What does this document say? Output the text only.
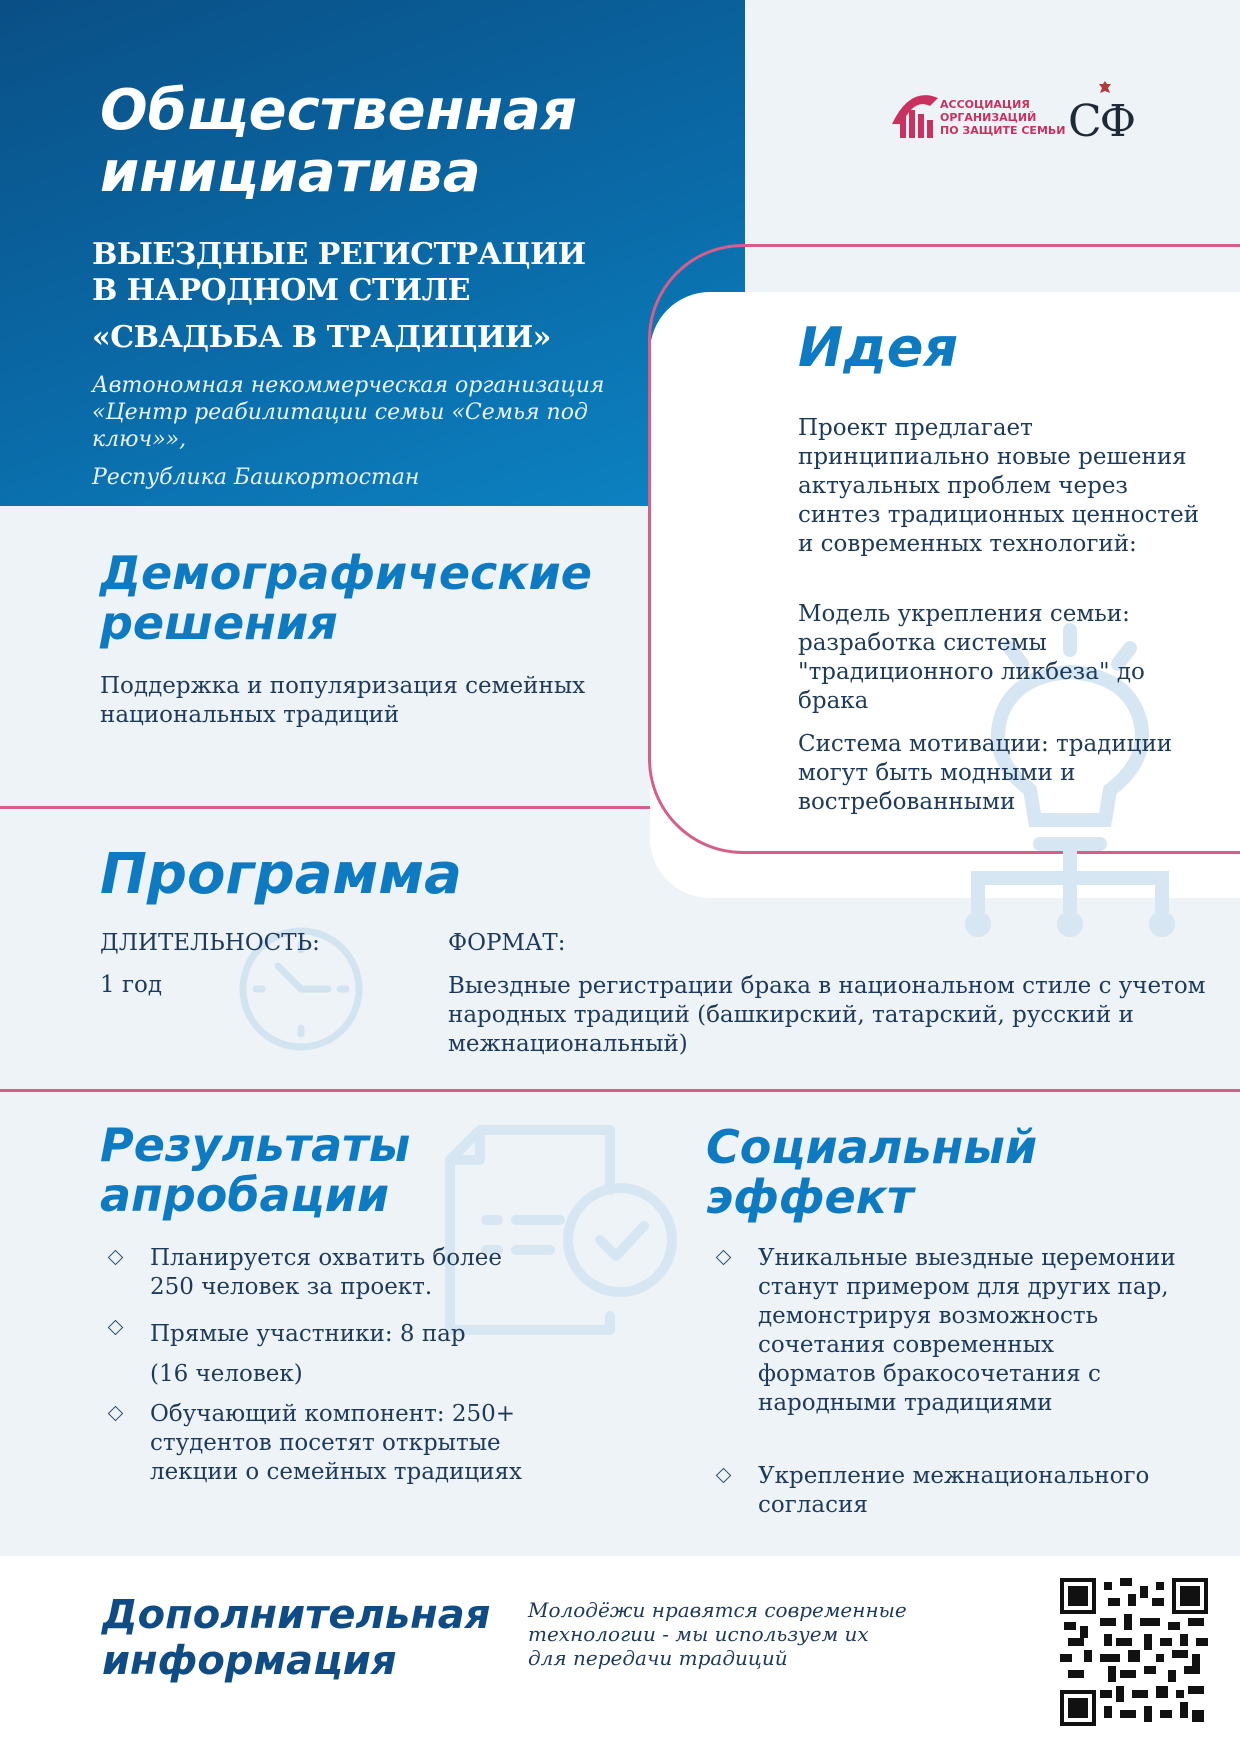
Общественная
инициатива
ВЫЕЗДНЫЕ РЕГИСТРАЦИИ В НАРОДНОМ СТИЛЕ
«СВАДЬБА В ТРАДИЦИИ»
Автономная некоммерческая организация «Центр реабилитации семьи «Семья под ключ»»,
Республика Башкортостан
АССОЦИАЦИЯ
ОРГАНИЗАЦИЙ
ПО ЗАЩИТЕ СЕМЬИ СФ
Идея
Проект предлагает принципиально новые решения актуальных проблем через синтез традиционных ценностей и современных технологий:
Модель укрепления семьи: разработка системы "традиционного ликбеза" до брака
Система мотивации: традиции могут быть модными и востребованными
Демографические
решения
Поддержка и популяризация семейных национальных традиций
Программа
ДЛИТЕЛЬНОСТЬ:
1 год
ФОРМАТ:
Выездные регистрации брака в национальном стиле с учетом народных традиций (башкирский, татарский, русский и межнациональный)
Результаты
апробации
Планируется охватить более 250 человек за проект.
Прямые участники: 8 пар (16 человек)
Обучающий компонент: 250+ студентов посетят открытые лекции о семейных традициях
Социальный
эффект
Уникальные выездные церемонии станут примером для других пар, демонстрируя возможность сочетания современных форматов бракосочетания с народными традициями
Укрепление межнационального согласия
Дополнительная
информация
Молодёжи нравятся современные технологии - мы используем их для передачи традиций
